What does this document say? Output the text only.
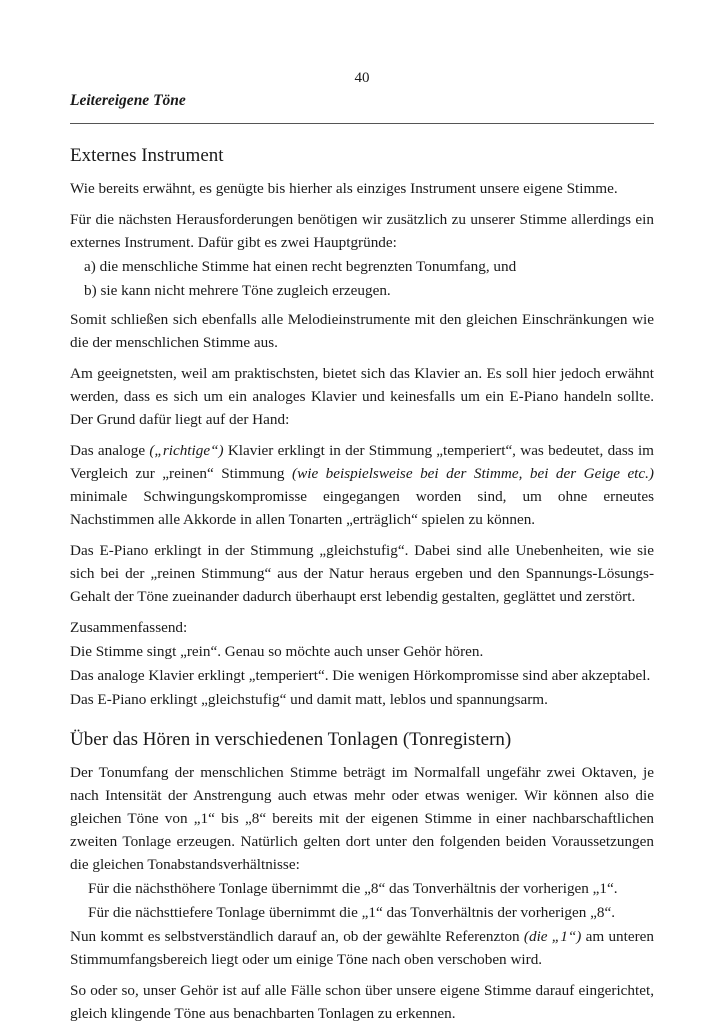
40
Leitereigene Töne
Externes Instrument

Wie bereits erwähnt, es genügte bis hierher als einziges Instrument unsere eigene Stimme.

Für die nächsten Herausforderungen benötigen wir zusätzlich zu unserer Stimme allerdings ein externes Instrument. Dafür gibt es zwei Hauptgründe:

a) die menschliche Stimme hat einen recht begrenzten Tonumfang, und

b) sie kann nicht mehrere Töne zugleich erzeugen.

Somit schließen sich ebenfalls alle Melodieinstrumente mit den gleichen Einschränkungen wie die der menschlichen Stimme aus.

Am geeignetsten, weil am praktischsten, bietet sich das Klavier an. Es soll hier jedoch erwähnt werden, dass es sich um ein analoges Klavier und keinesfalls um ein E-Piano handeln sollte. Der Grund dafür liegt auf der Hand:

Das analoge („richtige“) Klavier erklingt in der Stimmung „temperiert“, was bedeutet, dass im Vergleich zur „reinen“ Stimmung (wie beispielsweise bei der Stimme, bei der Geige etc.) minimale Schwingungskompromisse eingegangen worden sind, um ohne erneutes Nachstimmen alle Akkorde in allen Tonarten „erträglich“ spielen zu können.

Das E-Piano erklingt in der Stimmung „gleichstufig“. Dabei sind alle Unebenheiten, wie sie sich bei der „reinen Stimmung“ aus der Natur heraus ergeben und den Spannungs-Lösungs-Gehalt der Töne zueinander dadurch überhaupt erst lebendig gestalten, geglättet und zerstört.

Zusammenfassend:

Die Stimme singt „rein“. Genau so möchte auch unser Gehör hören.

Das analoge Klavier erklingt „temperiert“. Die wenigen Hörkompromisse sind aber akzeptabel.

Das E-Piano erklingt „gleichstufig“ und damit matt, leblos und spannungsarm.

Über das Hören in verschiedenen Tonlagen (Tonregistern)

Der Tonumfang der menschlichen Stimme beträgt im Normalfall ungefähr zwei Oktaven, je nach Intensität der Anstrengung auch etwas mehr oder etwas weniger. Wir können also die gleichen Töne von „1“ bis „8“ bereits mit der eigenen Stimme in einer nachbarschaftlichen zweiten Tonlage erzeugen. Natürlich gelten dort unter den folgenden beiden Voraussetzungen die gleichen Tonabstandsverhältnisse:

Für die nächsthöhere Tonlage übernimmt die „8“ das Tonverhältnis der vorherigen „1“.

Für die nächsttiefere Tonlage übernimmt die „1“ das Tonverhältnis der vorherigen „8“.

Nun kommt es selbstverständlich darauf an, ob der gewählte Referenzton (die „1“) am unteren Stimmumfangsbereich liegt oder um einige Töne nach oben verschoben wird.

So oder so, unser Gehör ist auf alle Fälle schon über unsere eigene Stimme darauf eingerichtet, gleich klingende Töne aus benachbarten Tonlagen zu erkennen.
